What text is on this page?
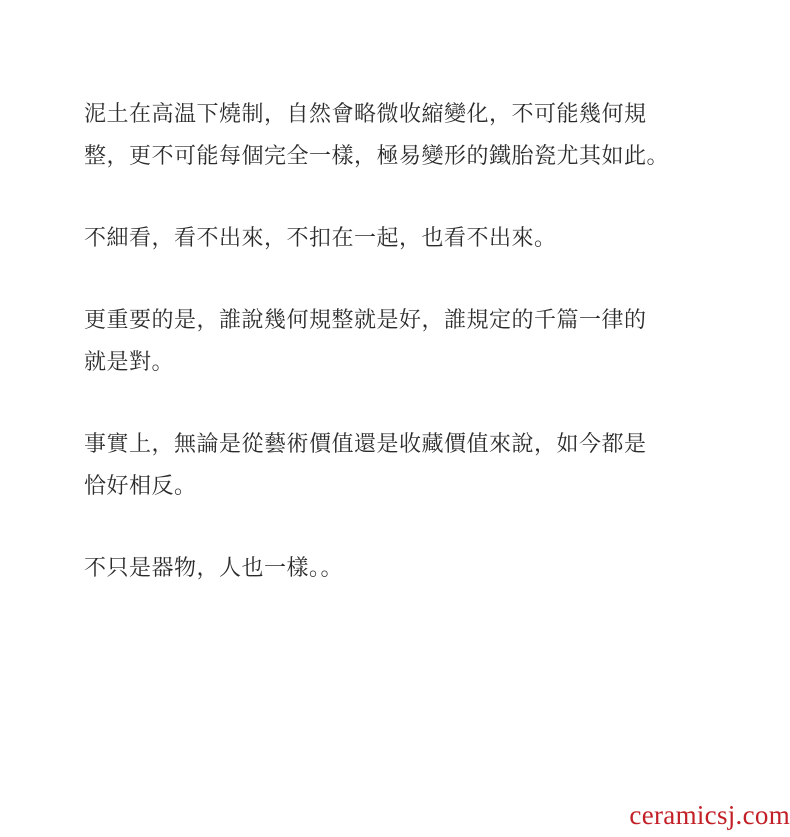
泥土在高温下燒制，自然會略微收縮變化，不可能幾何規
整，更不可能每個完全一樣，極易變形的鐵胎瓷尤其如此。

不細看，看不出來，不扣在一起，也看不出來。

更重要的是，誰說幾何規整就是好，誰規定的千篇一律的
就是對。

事實上，無論是從藝術價值還是收藏價值來說，如今都是
恰好相反。

不只是器物，人也一樣。。

ceramicsj.com
